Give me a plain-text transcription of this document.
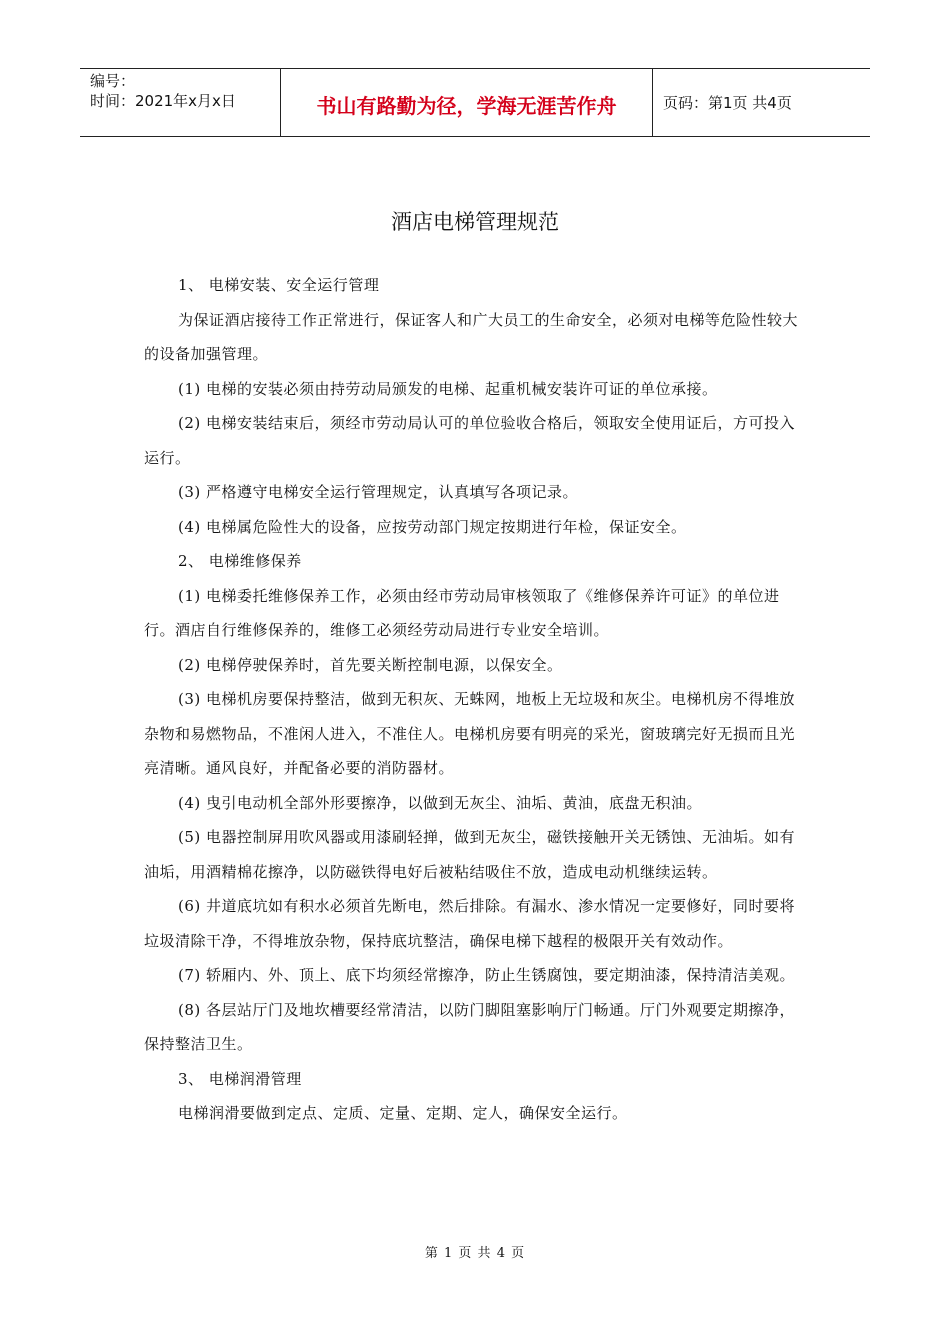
编号：
时间：2021年x月x日	书山有路勤为径，学海无涯苦作舟	页码：第1页 共4页
酒店电梯管理规范

1、 电梯安装、安全运行管理

为保证酒店接待工作正常进行，保证客人和广大员工的生命安全，必须对电梯等危险性较大的设备加强管理。

(1) 电梯的安装必须由持劳动局颁发的电梯、起重机械安装许可证的单位承接。

(2) 电梯安装结束后，须经市劳动局认可的单位验收合格后，领取安全使用证后，方可投入运行。

(3) 严格遵守电梯安全运行管理规定，认真填写各项记录。

(4) 电梯属危险性大的设备，应按劳动部门规定按期进行年检，保证安全。

2、 电梯维修保养

(1) 电梯委托维修保养工作，必须由经市劳动局审核领取了《维修保养许可证》的单位进行。酒店自行维修保养的，维修工必须经劳动局进行专业安全培训。

(2) 电梯停驶保养时，首先要关断控制电源，以保安全。

(3) 电梯机房要保持整洁，做到无积灰、无蛛网，地板上无垃圾和灰尘。电梯机房不得堆放杂物和易燃物品，不准闲人进入，不准住人。电梯机房要有明亮的采光，窗玻璃完好无损而且光亮清晰。通风良好，并配备必要的消防器材。

(4) 曳引电动机全部外形要擦净，以做到无灰尘、油垢、黄油，底盘无积油。

(5) 电器控制屏用吹风器或用漆刷轻掸，做到无灰尘，磁铁接触开关无锈蚀、无油垢。如有油垢，用酒精棉花擦净，以防磁铁得电好后被粘结吸住不放，造成电动机继续运转。

(6) 井道底坑如有积水必须首先断电，然后排除。有漏水、渗水情况一定要修好，同时要将垃圾清除干净，不得堆放杂物，保持底坑整洁，确保电梯下越程的极限开关有效动作。

(7) 轿厢内、外、顶上、底下均须经常擦净，防止生锈腐蚀，要定期油漆，保持清洁美观。

(8) 各层站厅门及地坎槽要经常清洁，以防门脚阻塞影响厅门畅通。厅门外观要定期擦净，保持整洁卫生。

3、 电梯润滑管理

电梯润滑要做到定点、定质、定量、定期、定人，确保安全运行。

第 1 页 共 4 页
